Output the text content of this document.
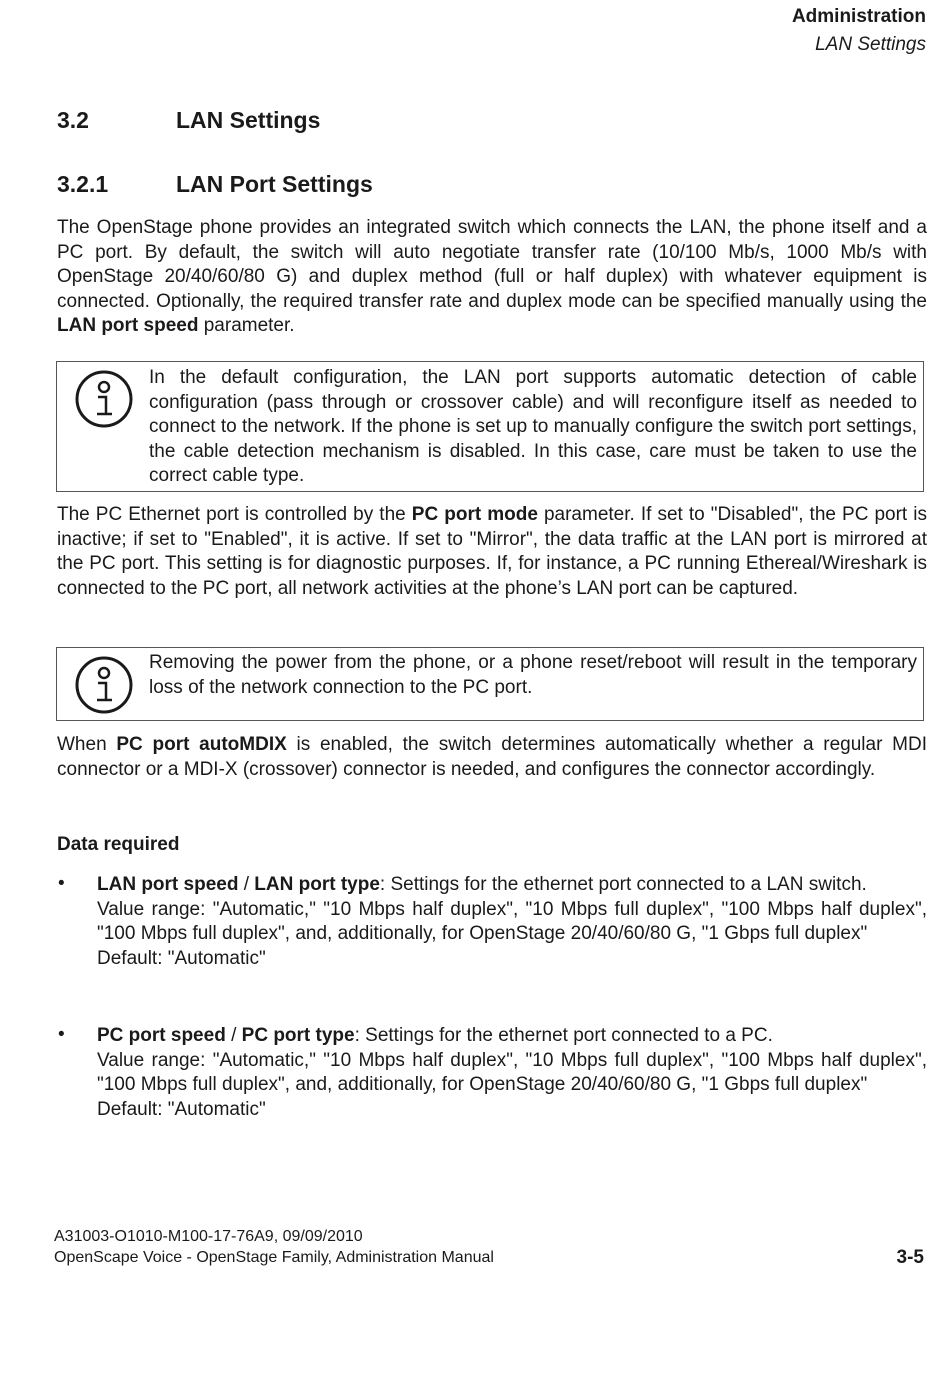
Administration
LAN Settings
3.2	LAN Settings
3.2.1	LAN Port Settings
The OpenStage phone provides an integrated switch which connects the LAN, the phone itself and a PC port. By default, the switch will auto negotiate transfer rate (10/100 Mb/s, 1000 Mb/s with OpenStage 20/40/60/80 G) and duplex method (full or half duplex) with whatever equipment is connected. Optionally, the required transfer rate and duplex mode can be specified manually using the LAN port speed parameter.
In the default configuration, the LAN port supports automatic detection of cable configuration (pass through or crossover cable) and will reconfigure itself as needed to connect to the network. If the phone is set up to manually configure the switch port settings, the cable detection mechanism is disabled. In this case, care must be taken to use the correct cable type.
The PC Ethernet port is controlled by the PC port mode parameter. If set to "Disabled", the PC port is inactive; if set to "Enabled", it is active. If set to "Mirror", the data traffic at the LAN port is mirrored at the PC port. This setting is for diagnostic purposes. If, for instance, a PC running Ethereal/Wireshark is connected to the PC port, all network activities at the phone’s LAN port can be captured.
Removing the power from the phone, or a phone reset/reboot will result in the temporary loss of the network connection to the PC port.
When PC port autoMDIX is enabled, the switch determines automatically whether a regular MDI connector or a MDI-X (crossover) connector is needed, and configures the connector accordingly.
Data required
• LAN port speed / LAN port type: Settings for the ethernet port connected to a LAN switch.
Value range: "Automatic," "10 Mbps half duplex", "10 Mbps full duplex", "100 Mbps half duplex", "100 Mbps full duplex", and, additionally, for OpenStage 20/40/60/80 G, "1 Gbps full duplex"
Default: "Automatic"
• PC port speed / PC port type: Settings for the ethernet port connected to a PC.
Value range: "Automatic," "10 Mbps half duplex", "10 Mbps full duplex", "100 Mbps half duplex", "100 Mbps full duplex", and, additionally, for OpenStage 20/40/60/80 G, "1 Gbps full duplex"
Default: "Automatic"
A31003-O1010-M100-17-76A9, 09/09/2010
OpenScape Voice - OpenStage Family, Administration Manual	3-5
